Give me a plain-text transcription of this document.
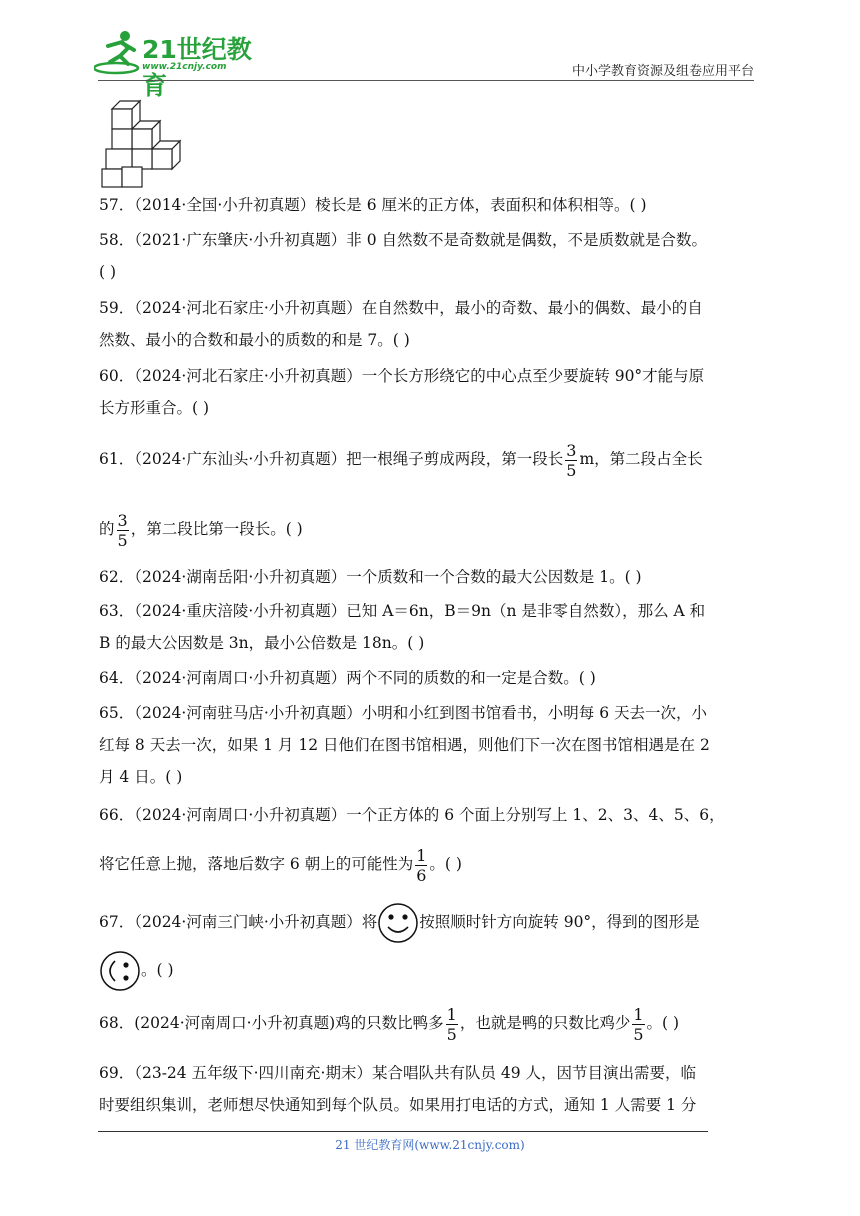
21世纪教育
www.21cnjy.com	中小学教育资源及组卷应用平台
57．（2014·全国·小升初真题）棱长是 6 厘米的正方体，表面积和体积相等。( )
58．（2021·广东肇庆·小升初真题）非 0 自然数不是奇数就是偶数，不是质数就是合数。
( )
59．（2024·河北石家庄·小升初真题）在自然数中，最小的奇数、最小的偶数、最小的自
然数、最小的合数和最小的质数的和是 7。( )
60．（2024·河北石家庄·小升初真题）一个长方形绕它的中心点至少要旋转 90°才能与原
长方形重合。( )
61．（2024·广东汕头·小升初真题）把一根绳子剪成两段，第一段长 $\frac{3}{5}$ m，第二段占全长
的 $\frac{3}{5}$ ，第二段比第一段长。( )
62．（2024·湖南岳阳·小升初真题）一个质数和一个合数的最大公因数是 1。( )
63．（2024·重庆涪陵·小升初真题）已知 A＝6n，B＝9n（n 是非零自然数），那么 A 和
B 的最大公因数是 3n，最小公倍数是 18n。( )
64．（2024·河南周口·小升初真题）两个不同的质数的和一定是合数。( )
65．（2024·河南驻马店·小升初真题）小明和小红到图书馆看书，小明每 6 天去一次，小
红每 8 天去一次，如果 1 月 12 日他们在图书馆相遇，则他们下一次在图书馆相遇是在 2
月 4 日。( )
66．（2024·河南周口·小升初真题）一个正方体的 6 个面上分别写上 1、2、3、4、5、6，
将它任意上抛，落地后数字 6 朝上的可能性为 $\frac{1}{6}$ 。( )
67．（2024·河南三门峡·小升初真题）将	按照顺时针方向旋转 90°，得到的图形是
。( )
68．(2024·河南周口·小升初真题)鸡的只数比鸭多 $\frac{1}{5}$ ，也就是鸭的只数比鸡少 $\frac{1}{5}$ 。( )
69．（23-24 五年级下·四川南充·期末）某合唱队共有队员 49 人，因节目演出需要，临
时要组织集训，老师想尽快通知到每个队员。如果用打电话的方式，通知 1 人需要 1 分
21 世纪教育网(www.21cnjy.com)
